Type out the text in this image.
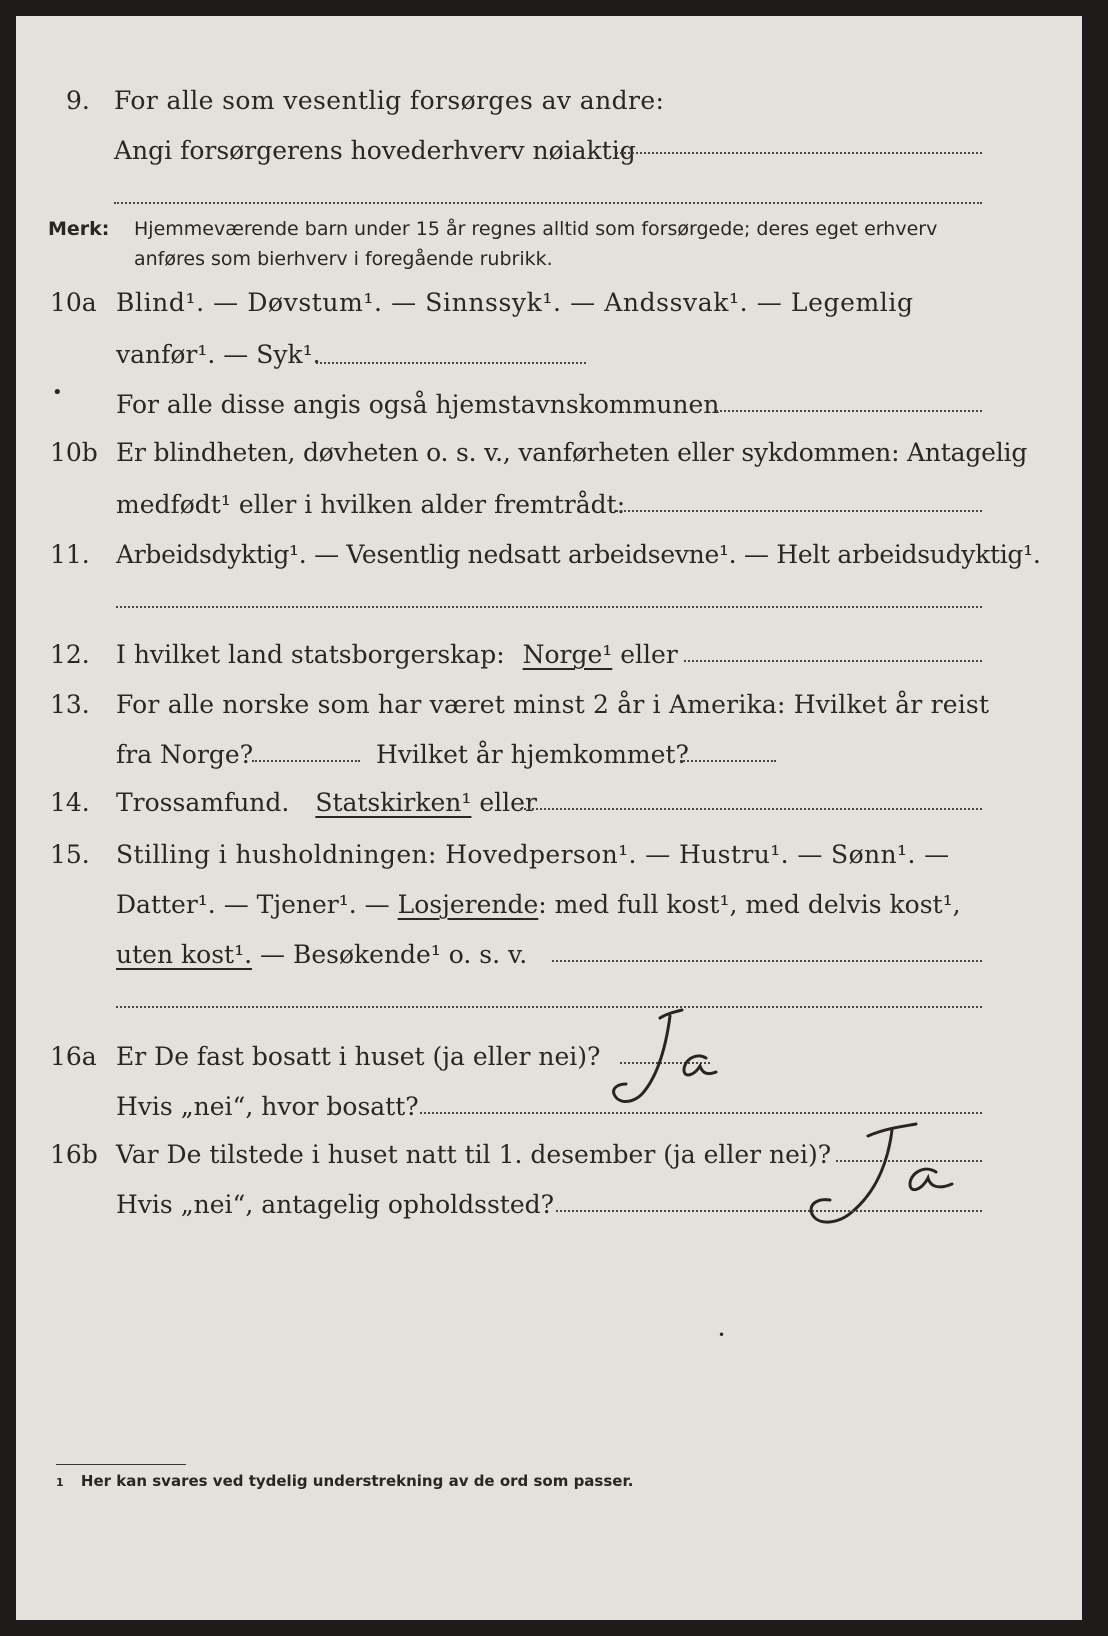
9. For alle som vesentlig forsørges av andre:
Angi forsørgerens hovederhverv nøiaktig
Merk: Hjemmeværende barn under 15 år regnes alltid som forsørgede; deres eget erhverv
anføres som bierhverv i foregående rubrikk.
10a Blind¹. — Døvstum¹. — Sinnssyk¹. — Andssvak¹. — Legemlig
vanfør¹. — Syk¹.
• For alle disse angis også hjemstavnskommunen
10b Er blindheten, døvheten o. s. v., vanførheten eller sykdommen: Antagelig
medfødt¹ eller i hvilken alder fremtrådt:
11. Arbeidsdyktig¹. — Vesentlig nedsatt arbeidsevne¹. — Helt arbeidsudyktig¹.
12. I hvilket land statsborgerskap: Norge¹ eller
13. For alle norske som har været minst 2 år i Amerika: Hvilket år reist
fra Norge?	Hvilket år hjemkommet?
14. Trossamfund. Statskirken¹ eller
15. Stilling i husholdningen: Hovedperson¹. — Hustru¹. — Sønn¹. —
Datter¹. — Tjener¹. — Losjerende: med full kost¹, med delvis kost¹,
uten kost¹. — Besøkende¹ o. s. v.
16a Er De fast bosatt i huset (ja eller nei)?
Hvis „nei“, hvor bosatt?
16b Var De tilstede i huset natt til 1. desember (ja eller nei)?
Hvis „nei“, antagelig opholdssted?
•
1 Her kan svares ved tydelig understrekning av de ord som passer.
